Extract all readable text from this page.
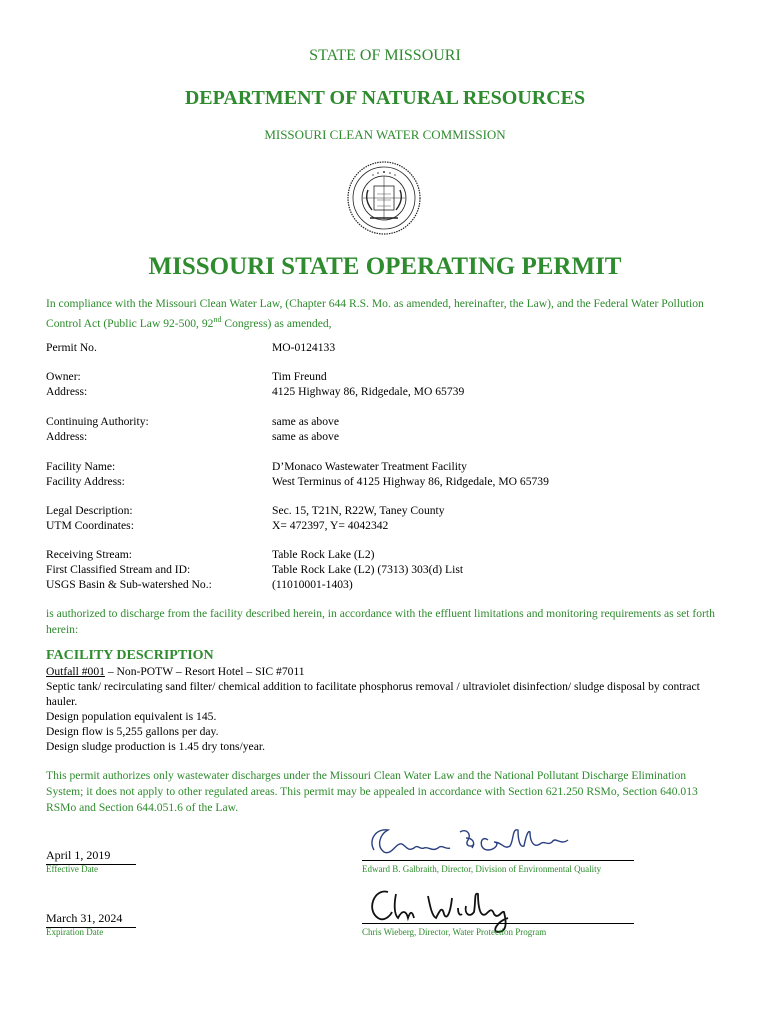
STATE OF MISSOURI
DEPARTMENT OF NATURAL RESOURCES
MISSOURI CLEAN WATER COMMISSION
MISSOURI STATE OPERATING PERMIT
In compliance with the Missouri Clean Water Law, (Chapter 644 R.S. Mo. as amended, hereinafter, the Law), and the Federal Water Pollution Control Act (Public Law 92-500, 92nd Congress) as amended,
Permit No.	MO-0124133
Owner:	Tim Freund
Address:	4125 Highway 86, Ridgedale, MO 65739
Continuing Authority:	same as above
Address:	same as above
Facility Name:	D’Monaco Wastewater Treatment Facility
Facility Address:	West Terminus of 4125 Highway 86, Ridgedale, MO 65739
Legal Description:	Sec. 15, T21N, R22W, Taney County
UTM Coordinates:	X= 472397, Y= 4042342
Receiving Stream:	Table Rock Lake (L2)
First Classified Stream and ID:	Table Rock Lake (L2) (7313) 303(d) List
USGS Basin & Sub-watershed No.:	(11010001-1403)
is authorized to discharge from the facility described herein, in accordance with the effluent limitations and monitoring requirements as set forth herein:
FACILITY DESCRIPTION
Outfall #001 – Non-POTW – Resort Hotel – SIC #7011
Septic tank/ recirculating sand filter/ chemical addition to facilitate phosphorus removal / ultraviolet disinfection/ sludge disposal by contract hauler.
Design population equivalent is 145.
Design flow is 5,255 gallons per day.
Design sludge production is 1.45 dry tons/year.
This permit authorizes only wastewater discharges under the Missouri Clean Water Law and the National Pollutant Discharge Elimination System; it does not apply to other regulated areas. This permit may be appealed in accordance with Section 621.250 RSMo, Section 640.013 RSMo and Section 644.051.6 of the Law.
April 1, 2019
Effective Date	Edward B. Galbraith, Director, Division of Environmental Quality
March 31, 2024
Expiration Date	Chris Wieberg, Director, Water Protection Program
